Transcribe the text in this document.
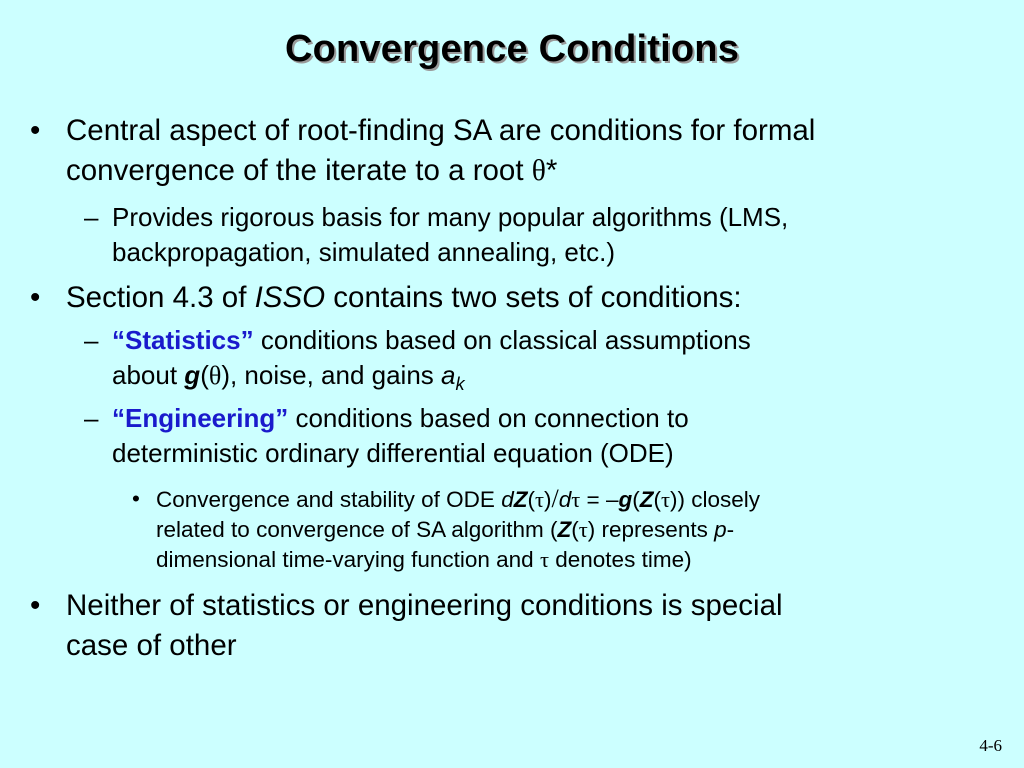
Convergence Conditions
• Central aspect of root-finding SA are conditions for formal
convergence of the iterate to a root θ*
– Provides rigorous basis for many popular algorithms (LMS,
backpropagation, simulated annealing, etc.)
• Section 4.3 of ISSO contains two sets of conditions:
– “Statistics” conditions based on classical assumptions
about g(θ), noise, and gains $a_k$
– “Engineering” conditions based on connection to
deterministic ordinary differential equation (ODE)
• Convergence and stability of ODE dZ(τ)/dτ = –g(Z(τ)) closely
related to convergence of SA algorithm (Z(τ) represents p-
dimensional time-varying function and τ denotes time)
• Neither of statistics or engineering conditions is special
case of other
4-6
